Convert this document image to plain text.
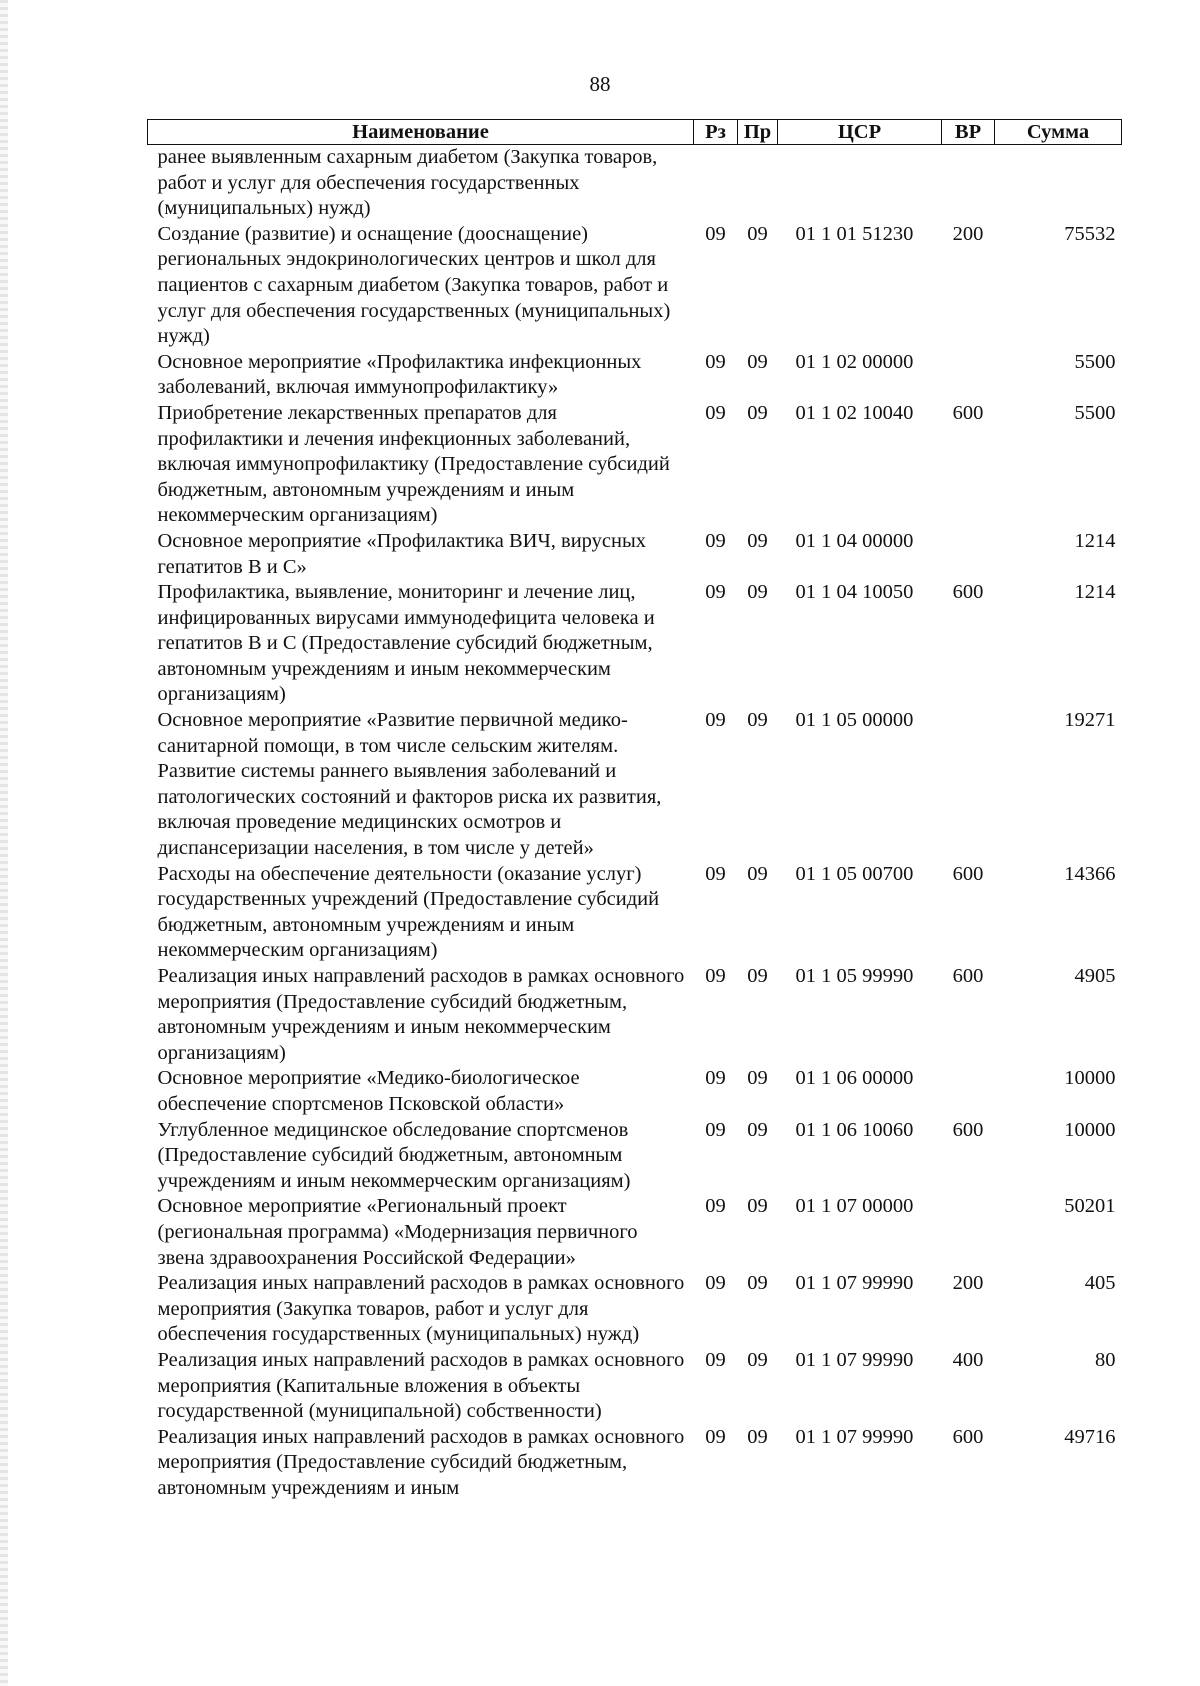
88
Наименование	Рз	Пр	ЦСР	ВР	Сумма
ранее выявленным сахарным диабетом (Закупка товаров, работ и услуг для обеспечения государственных (муниципальных) нужд)					
Создание (развитие) и оснащение (дооснащение) региональных эндокринологических центров и школ для пациентов с сахарным диабетом (Закупка товаров, работ и услуг для обеспечения государственных (муниципальных) нужд)	09	09	01 1 01 51230	200	75532
Основное мероприятие «Профилактика инфекционных заболеваний, включая иммунопрофилактику»	09	09	01 1 02 00000		5500
Приобретение лекарственных препаратов для профилактики и лечения инфекционных заболеваний, включая иммунопрофилактику (Предоставление субсидий бюджетным, автономным учреждениям и иным некоммерческим организациям)	09	09	01 1 02 10040	600	5500
Основное мероприятие «Профилактика ВИЧ, вирусных гепатитов В и С»	09	09	01 1 04 00000		1214
Профилактика, выявление, мониторинг и лечение лиц, инфицированных вирусами иммунодефицита человека и гепатитов В и С (Предоставление субсидий бюджетным, автономным учреждениям и иным некоммерческим организациям)	09	09	01 1 04 10050	600	1214
Основное мероприятие «Развитие первичной медико-санитарной помощи, в том числе сельским жителям. Развитие системы раннего выявления заболеваний и патологических состояний и факторов риска их развития, включая проведение медицинских осмотров и диспансеризации населения, в том числе у детей»	09	09	01 1 05 00000		19271
Расходы на обеспечение деятельности (оказание услуг) государственных учреждений (Предоставление субсидий бюджетным, автономным учреждениям и иным некоммерческим организациям)	09	09	01 1 05 00700	600	14366
Реализация иных направлений расходов в рамках основного мероприятия (Предоставление субсидий бюджетным, автономным учреждениям и иным некоммерческим организациям)	09	09	01 1 05 99990	600	4905
Основное мероприятие «Медико-биологическое обеспечение спортсменов Псковской области»	09	09	01 1 06 00000		10000
Углубленное медицинское обследование спортсменов (Предоставление субсидий бюджетным, автономным учреждениям и иным некоммерческим организациям)	09	09	01 1 06 10060	600	10000
Основное мероприятие «Региональный проект (региональная программа) «Модернизация первичного звена здравоохранения Российской Федерации»	09	09	01 1 07 00000		50201
Реализация иных направлений расходов в рамках основного мероприятия (Закупка товаров, работ и услуг для обеспечения государственных (муниципальных) нужд)	09	09	01 1 07 99990	200	405
Реализация иных направлений расходов в рамках основного мероприятия (Капитальные вложения в объекты государственной (муниципальной) собственности)	09	09	01 1 07 99990	400	80
Реализация иных направлений расходов в рамках основного мероприятия (Предоставление субсидий бюджетным, автономным учреждениям и иным	09	09	01 1 07 99990	600	49716
